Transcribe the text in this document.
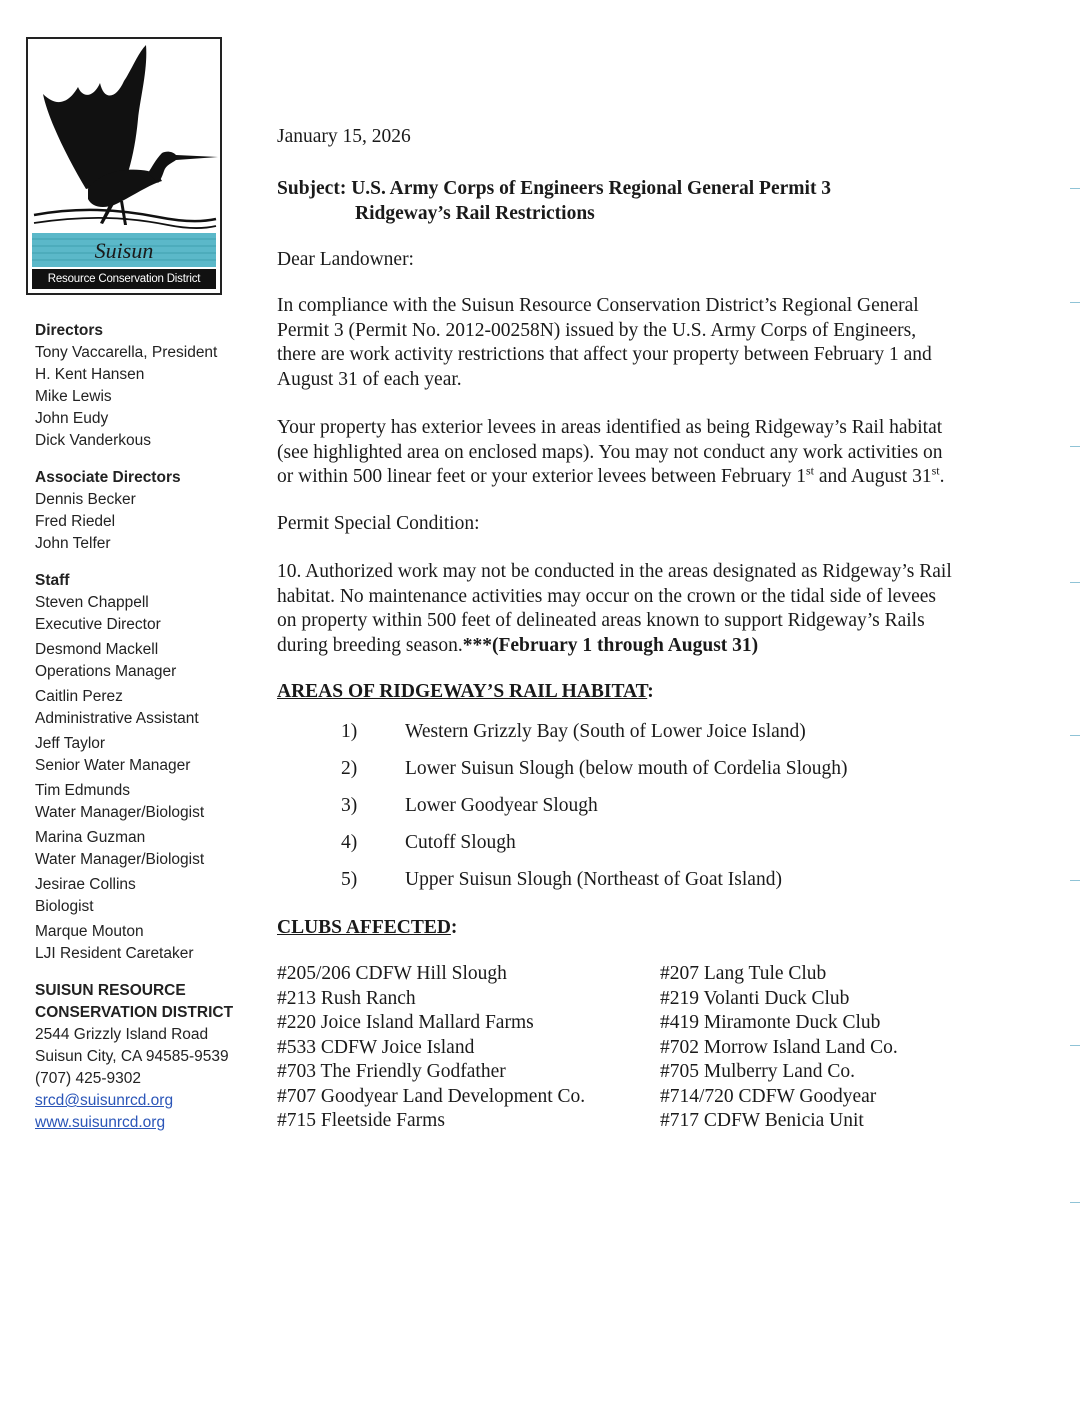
Suisun
Resource Conservation District
Directors
Tony Vaccarella, President
H. Kent Hansen
Mike Lewis
John Eudy
Dick Vanderkous
Associate Directors
Dennis Becker
Fred Riedel
John Telfer
Staff
Steven Chappell
Executive Director
Desmond Mackell
Operations Manager
Caitlin Perez
Administrative Assistant
Jeff Taylor
Senior Water Manager
Tim Edmunds
Water Manager/Biologist
Marina Guzman
Water Manager/Biologist
Jesirae Collins
Biologist
Marque Mouton
LJI Resident Caretaker
SUISUN RESOURCE
CONSERVATION DISTRICT
2544 Grizzly Island Road
Suisun City, CA 94585-9539
(707) 425-9302
srcd@suisunrcd.org
www.suisunrcd.org

January 15, 2026

Subject: U.S. Army Corps of Engineers Regional General Permit 3
Ridgeway’s Rail Restrictions

Dear Landowner:

In compliance with the Suisun Resource Conservation District’s Regional General Permit 3 (Permit No. 2012-00258N) issued by the U.S. Army Corps of Engineers, there are work activity restrictions that affect your property between February 1 and August 31 of each year.

Your property has exterior levees in areas identified as being Ridgeway’s Rail habitat (see highlighted area on enclosed maps). You may not conduct any work activities on or within 500 linear feet or your exterior levees between February 1st and August 31st.

Permit Special Condition:

10. Authorized work may not be conducted in the areas designated as Ridgeway’s Rail habitat. No maintenance activities may occur on the crown or the tidal side of levees on property within 500 feet of delineated areas known to support Ridgeway’s Rails during breeding season.***(February 1 through August 31)

AREAS OF RIDGEWAY’S RAIL HABITAT:

1) Western Grizzly Bay (South of Lower Joice Island)
2) Lower Suisun Slough (below mouth of Cordelia Slough)
3) Lower Goodyear Slough
4) Cutoff Slough
5) Upper Suisun Slough (Northeast of Goat Island)

CLUBS AFFECTED:

#205/206 CDFW Hill Slough
#213 Rush Ranch
#220 Joice Island Mallard Farms
#533 CDFW Joice Island
#703 The Friendly Godfather
#707 Goodyear Land Development Co.
#715 Fleetside Farms
#207 Lang Tule Club
#219 Volanti Duck Club
#419 Miramonte Duck Club
#702 Morrow Island Land Co.
#705 Mulberry Land Co.
#714/720 CDFW Goodyear
#717 CDFW Benicia Unit
